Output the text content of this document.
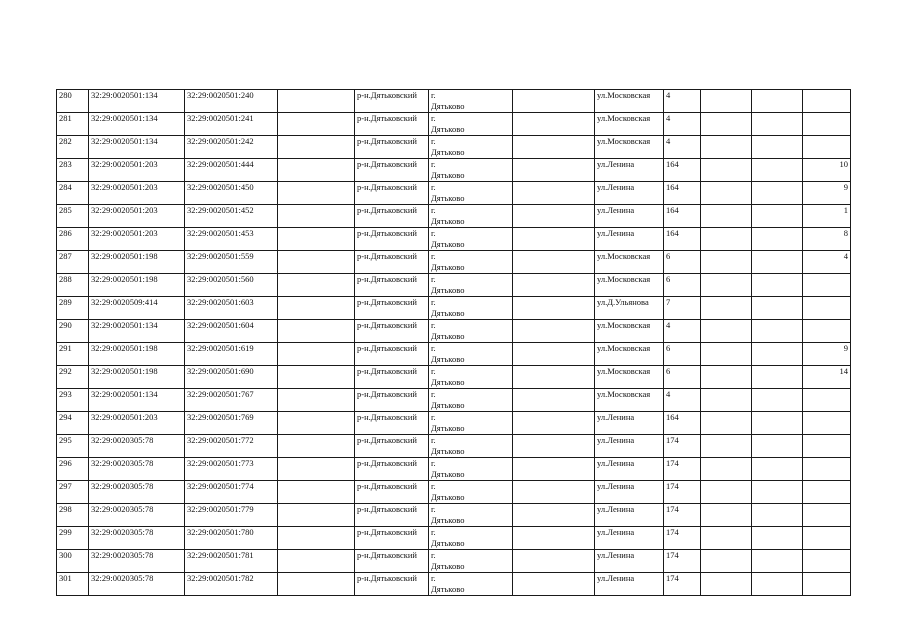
280	32:29:0020501:134	32:29:0020501:240		р-н.Дятьковский	г.
Дятьково		ул.Московская	4			
281	32:29:0020501:134	32:29:0020501:241		р-н.Дятьковский	г.
Дятьково		ул.Московская	4			
282	32:29:0020501:134	32:29:0020501:242		р-н.Дятьковский	г.
Дятьково		ул.Московская	4			
283	32:29:0020501:203	32:29:0020501:444		р-н.Дятьковский	г.
Дятьково		ул.Ленина	164			10
284	32:29:0020501:203	32:29:0020501:450		р-н.Дятьковский	г.
Дятьково		ул.Ленина	164			9
285	32:29:0020501:203	32:29:0020501:452		р-н.Дятьковский	г.
Дятьково		ул.Ленина	164			1
286	32:29:0020501:203	32:29:0020501:453		р-н.Дятьковский	г.
Дятьково		ул.Ленина	164			8
287	32:29:0020501:198	32:29:0020501:559		р-н.Дятьковский	г.
Дятьково		ул.Московская	6			4
288	32:29:0020501:198	32:29:0020501:560		р-н.Дятьковский	г.
Дятьково		ул.Московская	6			
289	32:29:0020509:414	32:29:0020501:603		р-н.Дятьковский	г.
Дятьково		ул.Д.Ульянова	7			
290	32:29:0020501:134	32:29:0020501:604		р-н.Дятьковский	г.
Дятьково		ул.Московская	4			
291	32:29:0020501:198	32:29:0020501:619		р-н.Дятьковский	г.
Дятьково		ул.Московская	6			9
292	32:29:0020501:198	32:29:0020501:690		р-н.Дятьковский	г.
Дятьково		ул.Московская	6			14
293	32:29:0020501:134	32:29:0020501:767		р-н.Дятьковский	г.
Дятьково		ул.Московская	4			
294	32:29:0020501:203	32:29:0020501:769		р-н.Дятьковский	г.
Дятьково		ул.Ленина	164			
295	32:29:0020305:78	32:29:0020501:772		р-н.Дятьковский	г.
Дятьково		ул.Ленина	174			
296	32:29:0020305:78	32:29:0020501:773		р-н.Дятьковский	г.
Дятьково		ул.Ленина	174			
297	32:29:0020305:78	32:29:0020501:774		р-н.Дятьковский	г.
Дятьково		ул.Ленина	174			
298	32:29:0020305:78	32:29:0020501:779		р-н.Дятьковский	г.
Дятьково		ул.Ленина	174			
299	32:29:0020305:78	32:29:0020501:780		р-н.Дятьковский	г.
Дятьково		ул.Ленина	174			
300	32:29:0020305:78	32:29:0020501:781		р-н.Дятьковский	г.
Дятьково		ул.Ленина	174			
301	32:29:0020305:78	32:29:0020501:782		р-н.Дятьковский	г.
Дятьково		ул.Ленина	174			
